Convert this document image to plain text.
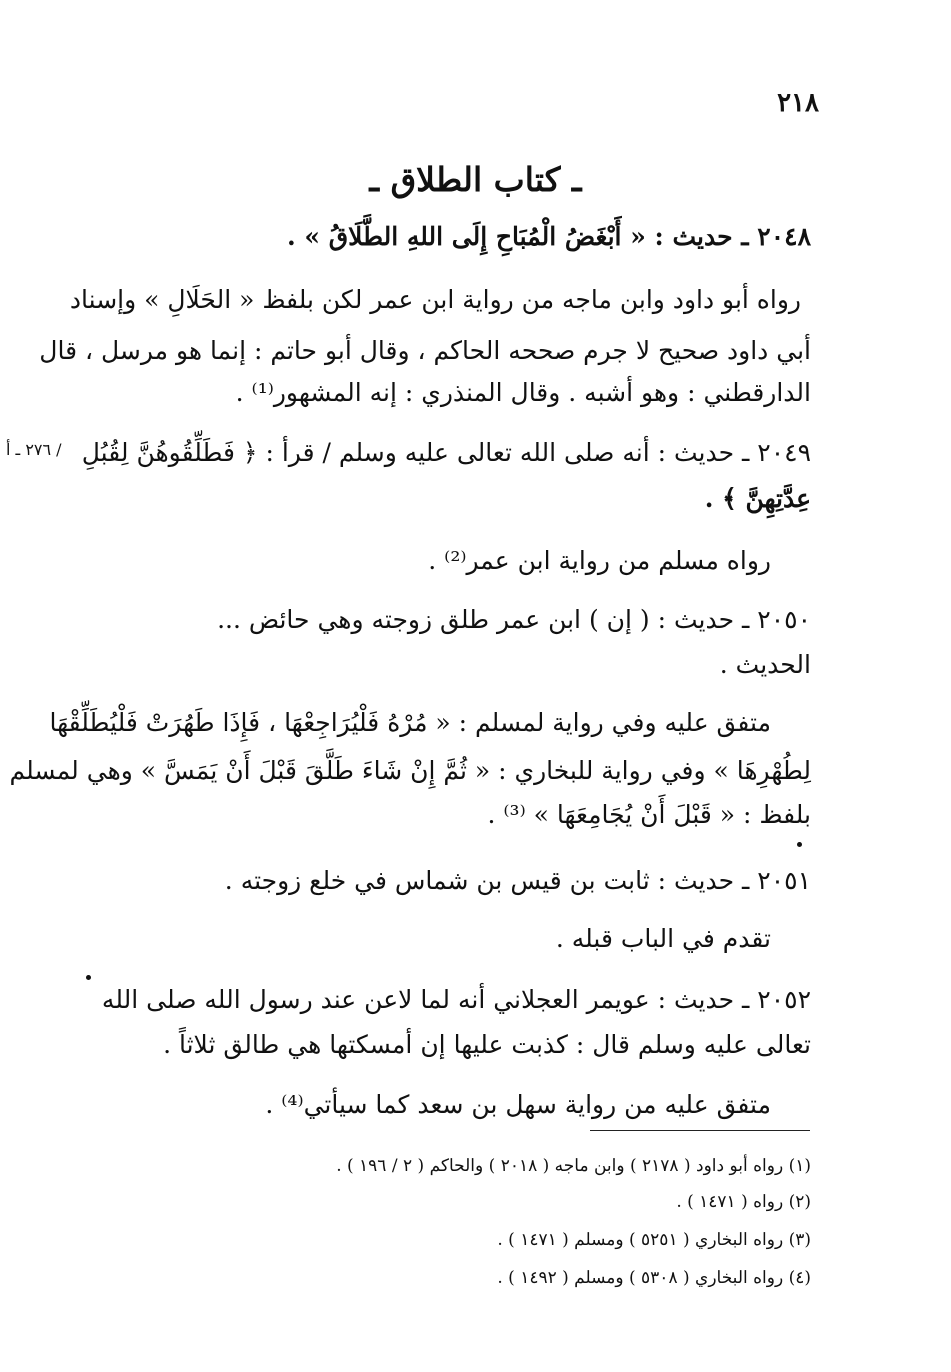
٢١٨
ـ كتاب الطلاق ـ
/ ٢٧٦ ـ أ
٢٠٤٨ ـ حديث : « أَبْغَضُ الْمُبَاحِ إِلَى اللهِ الطَّلَاقُ » .
رواه أبو داود وابن ماجه من رواية ابن عمر لكن بلفظ « الحَلَالِ » وإسناد
أبي داود صحيح لا جرم صححه الحاكم ، وقال أبو حاتم : إنما هو مرسل ، قال
الدارقطني : وهو أشبه . وقال المنذري : إنه المشهور⁽¹⁾ .
٢٠٤٩ ـ حديث : أنه صلى الله تعالى عليه وسلم / قرأ : ﴿ فَطَلِّقُوهُنَّ لِقُبُلِ
عِدَّتِهِنَّ ﴾ .
رواه مسلم من رواية ابن عمر⁽²⁾ .
٢٠٥٠ ـ حديث : ( إن ) ابن عمر طلق زوجته وهي حائض ...
الحديث .
متفق عليه وفي رواية لمسلم : « مُرْهُ فَلْيُرَاجِعْهَا ، فَإِذَا طَهُرَتْ فَلْيُطَلِّقْهَا
لِطُهْرِهَا » وفي رواية للبخاري : « ثُمَّ إِنْ شَاءَ طَلَّقَ قَبْلَ أَنْ يَمَسَّ » وهي لمسلم
بلفظ : « قَبْلَ أَنْ يُجَامِعَهَا » ⁽³⁾ .
٢٠٥١ ـ حديث : ثابت بن قيس بن شماس في خلع زوجته .
تقدم في الباب قبله .
٢٠٥٢ ـ حديث : عويمر العجلاني أنه لما لاعن عند رسول الله صلى الله
تعالى عليه وسلم قال : كذبت عليها إن أمسكتها هي طالق ثلاثاً .
متفق عليه من رواية سهل بن سعد كما سيأتي⁽⁴⁾ .
(١) رواه أبو داود ( ٢١٧٨ ) وابن ماجه ( ٢٠١٨ ) والحاكم ( ٢ / ١٩٦ ) .
(٢) رواه ( ١٤٧١ ) .
(٣) رواه البخاري ( ٥٢٥١ ) ومسلم ( ١٤٧١ ) .
(٤) رواه البخاري ( ٥٣٠٨ ) ومسلم ( ١٤٩٢ ) .
